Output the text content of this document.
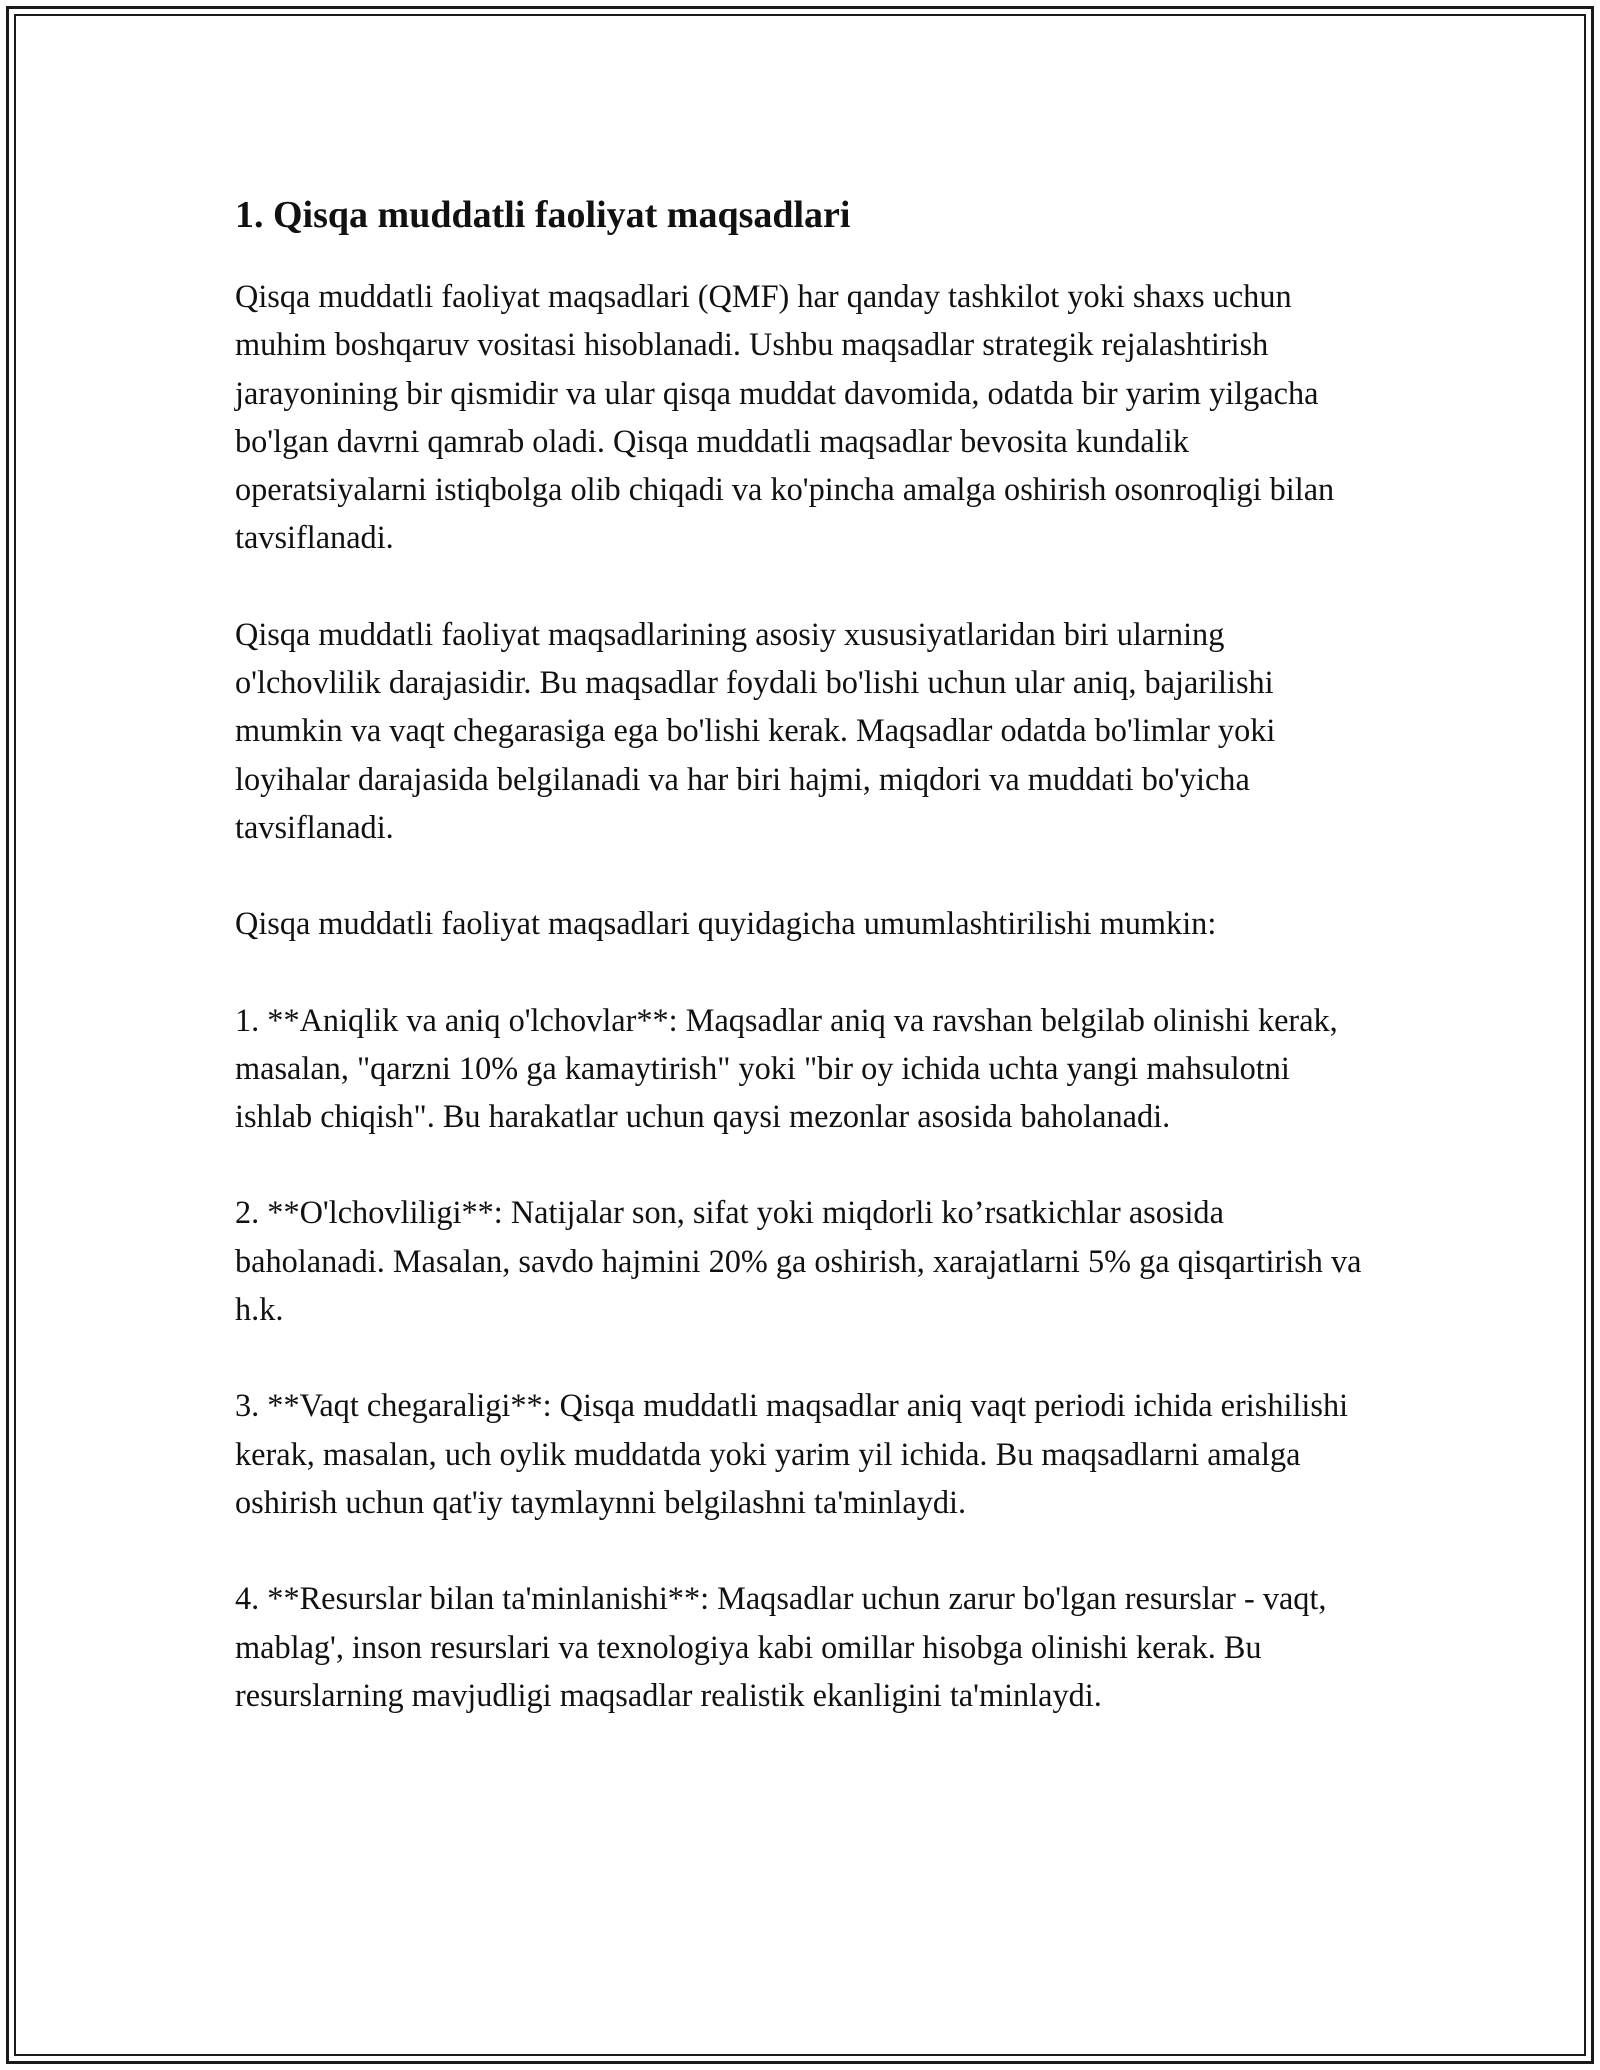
1. Qisqa muddatli faoliyat maqsadlari

Qisqa muddatli faoliyat maqsadlari (QMF) har qanday tashkilot yoki shaxs uchun muhim boshqaruv vositasi hisoblanadi. Ushbu maqsadlar strategik rejalashtirish jarayonining bir qismidir va ular qisqa muddat davomida, odatda bir yarim yilgacha bo'lgan davrni qamrab oladi. Qisqa muddatli maqsadlar bevosita kundalik operatsiyalarni istiqbolga olib chiqadi va ko'pincha amalga oshirish osonroqligi bilan tavsiflanadi.

Qisqa muddatli faoliyat maqsadlarining asosiy xususiyatlaridan biri ularning o'lchovlilik darajasidir. Bu maqsadlar foydali bo'lishi uchun ular aniq, bajarilishi mumkin va vaqt chegarasiga ega bo'lishi kerak. Maqsadlar odatda bo'limlar yoki loyihalar darajasida belgilanadi va har biri hajmi, miqdori va muddati bo'yicha tavsiflanadi.

Qisqa muddatli faoliyat maqsadlari quyidagicha umumlashtirilishi mumkin:

1. **Aniqlik va aniq o'lchovlar**: Maqsadlar aniq va ravshan belgilab olinishi kerak, masalan, "qarzni 10% ga kamaytirish" yoki "bir oy ichida uchta yangi mahsulotni ishlab chiqish". Bu harakatlar uchun qaysi mezonlar asosida baholanadi.

2. **O'lchovliligi**: Natijalar son, sifat yoki miqdorli ko’rsatkichlar asosida baholanadi. Masalan, savdo hajmini 20% ga oshirish, xarajatlarni 5% ga qisqartirish va h.k.

3. **Vaqt chegaraligi**: Qisqa muddatli maqsadlar aniq vaqt periodi ichida erishilishi kerak, masalan, uch oylik muddatda yoki yarim yil ichida. Bu maqsadlarni amalga oshirish uchun qat'iy taymlaynni belgilashni ta'minlaydi.

4. **Resurslar bilan ta'minlanishi**: Maqsadlar uchun zarur bo'lgan resurslar - vaqt, mablag', inson resurslari va texnologiya kabi omillar hisobga olinishi kerak. Bu resurslarning mavjudligi maqsadlar realistik ekanligini ta'minlaydi.
